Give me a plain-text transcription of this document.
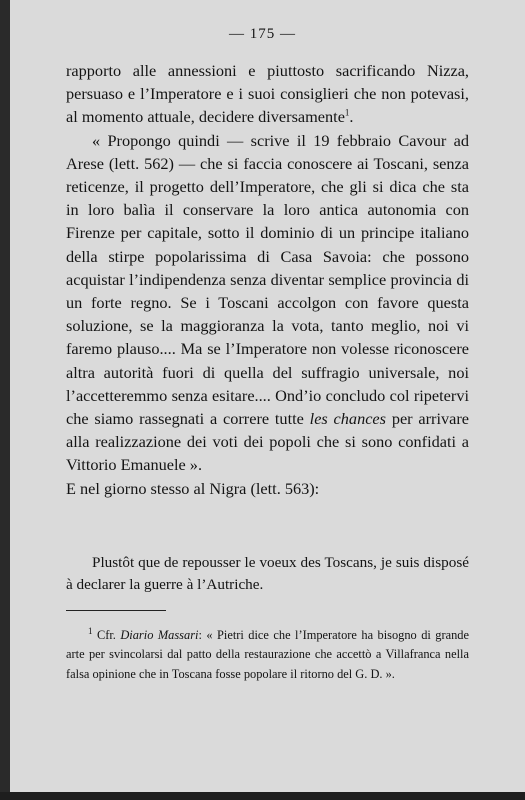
— 175 —

rapporto alle annessioni e piuttosto sacrificando Nizza, persuaso e l’Imperatore e i suoi consiglieri che non potevasi, al momento attuale, decidere diversamente$^1$.

« Propongo quindi — scrive il 19 febbraio Cavour ad Arese (lett. 562) — che si faccia conoscere ai Toscani, senza reticenze, il progetto dell’Imperatore, che gli si dica che sta in loro balìa il conservare la loro antica autonomia con Firenze per capitale, sotto il dominio di un principe italiano della stirpe popolarissima di Casa Savoia: che possono acquistar l’indipendenza senza diventar semplice provincia di un forte regno. Se i Toscani accolgon con favore questa soluzione, se la maggioranza la vota, tanto meglio, noi vi faremo plauso.... Ma se l’Imperatore non volesse riconoscere altra autorità fuori di quella del suffragio universale, noi l’accetteremmo senza esitare.... Ond’io concludo col ripetervi che siamo rassegnati a correre tutte les chances per arrivare alla realizzazione dei voti dei popoli che si sono confidati a Vittorio Emanuele ».

E nel giorno stesso al Nigra (lett. 563):

Plustôt que de repousser le voeux des Toscans, je suis disposé à declarer la guerre à l’Autriche.

$^1$ Cfr. Diario Massari: « Pietri dice che l’Imperatore ha bisogno di grande arte per svincolarsi dal patto della restaurazione che accettò a Villafranca nella falsa opinione che in Toscana fosse popolare il ritorno del G. D. ».
